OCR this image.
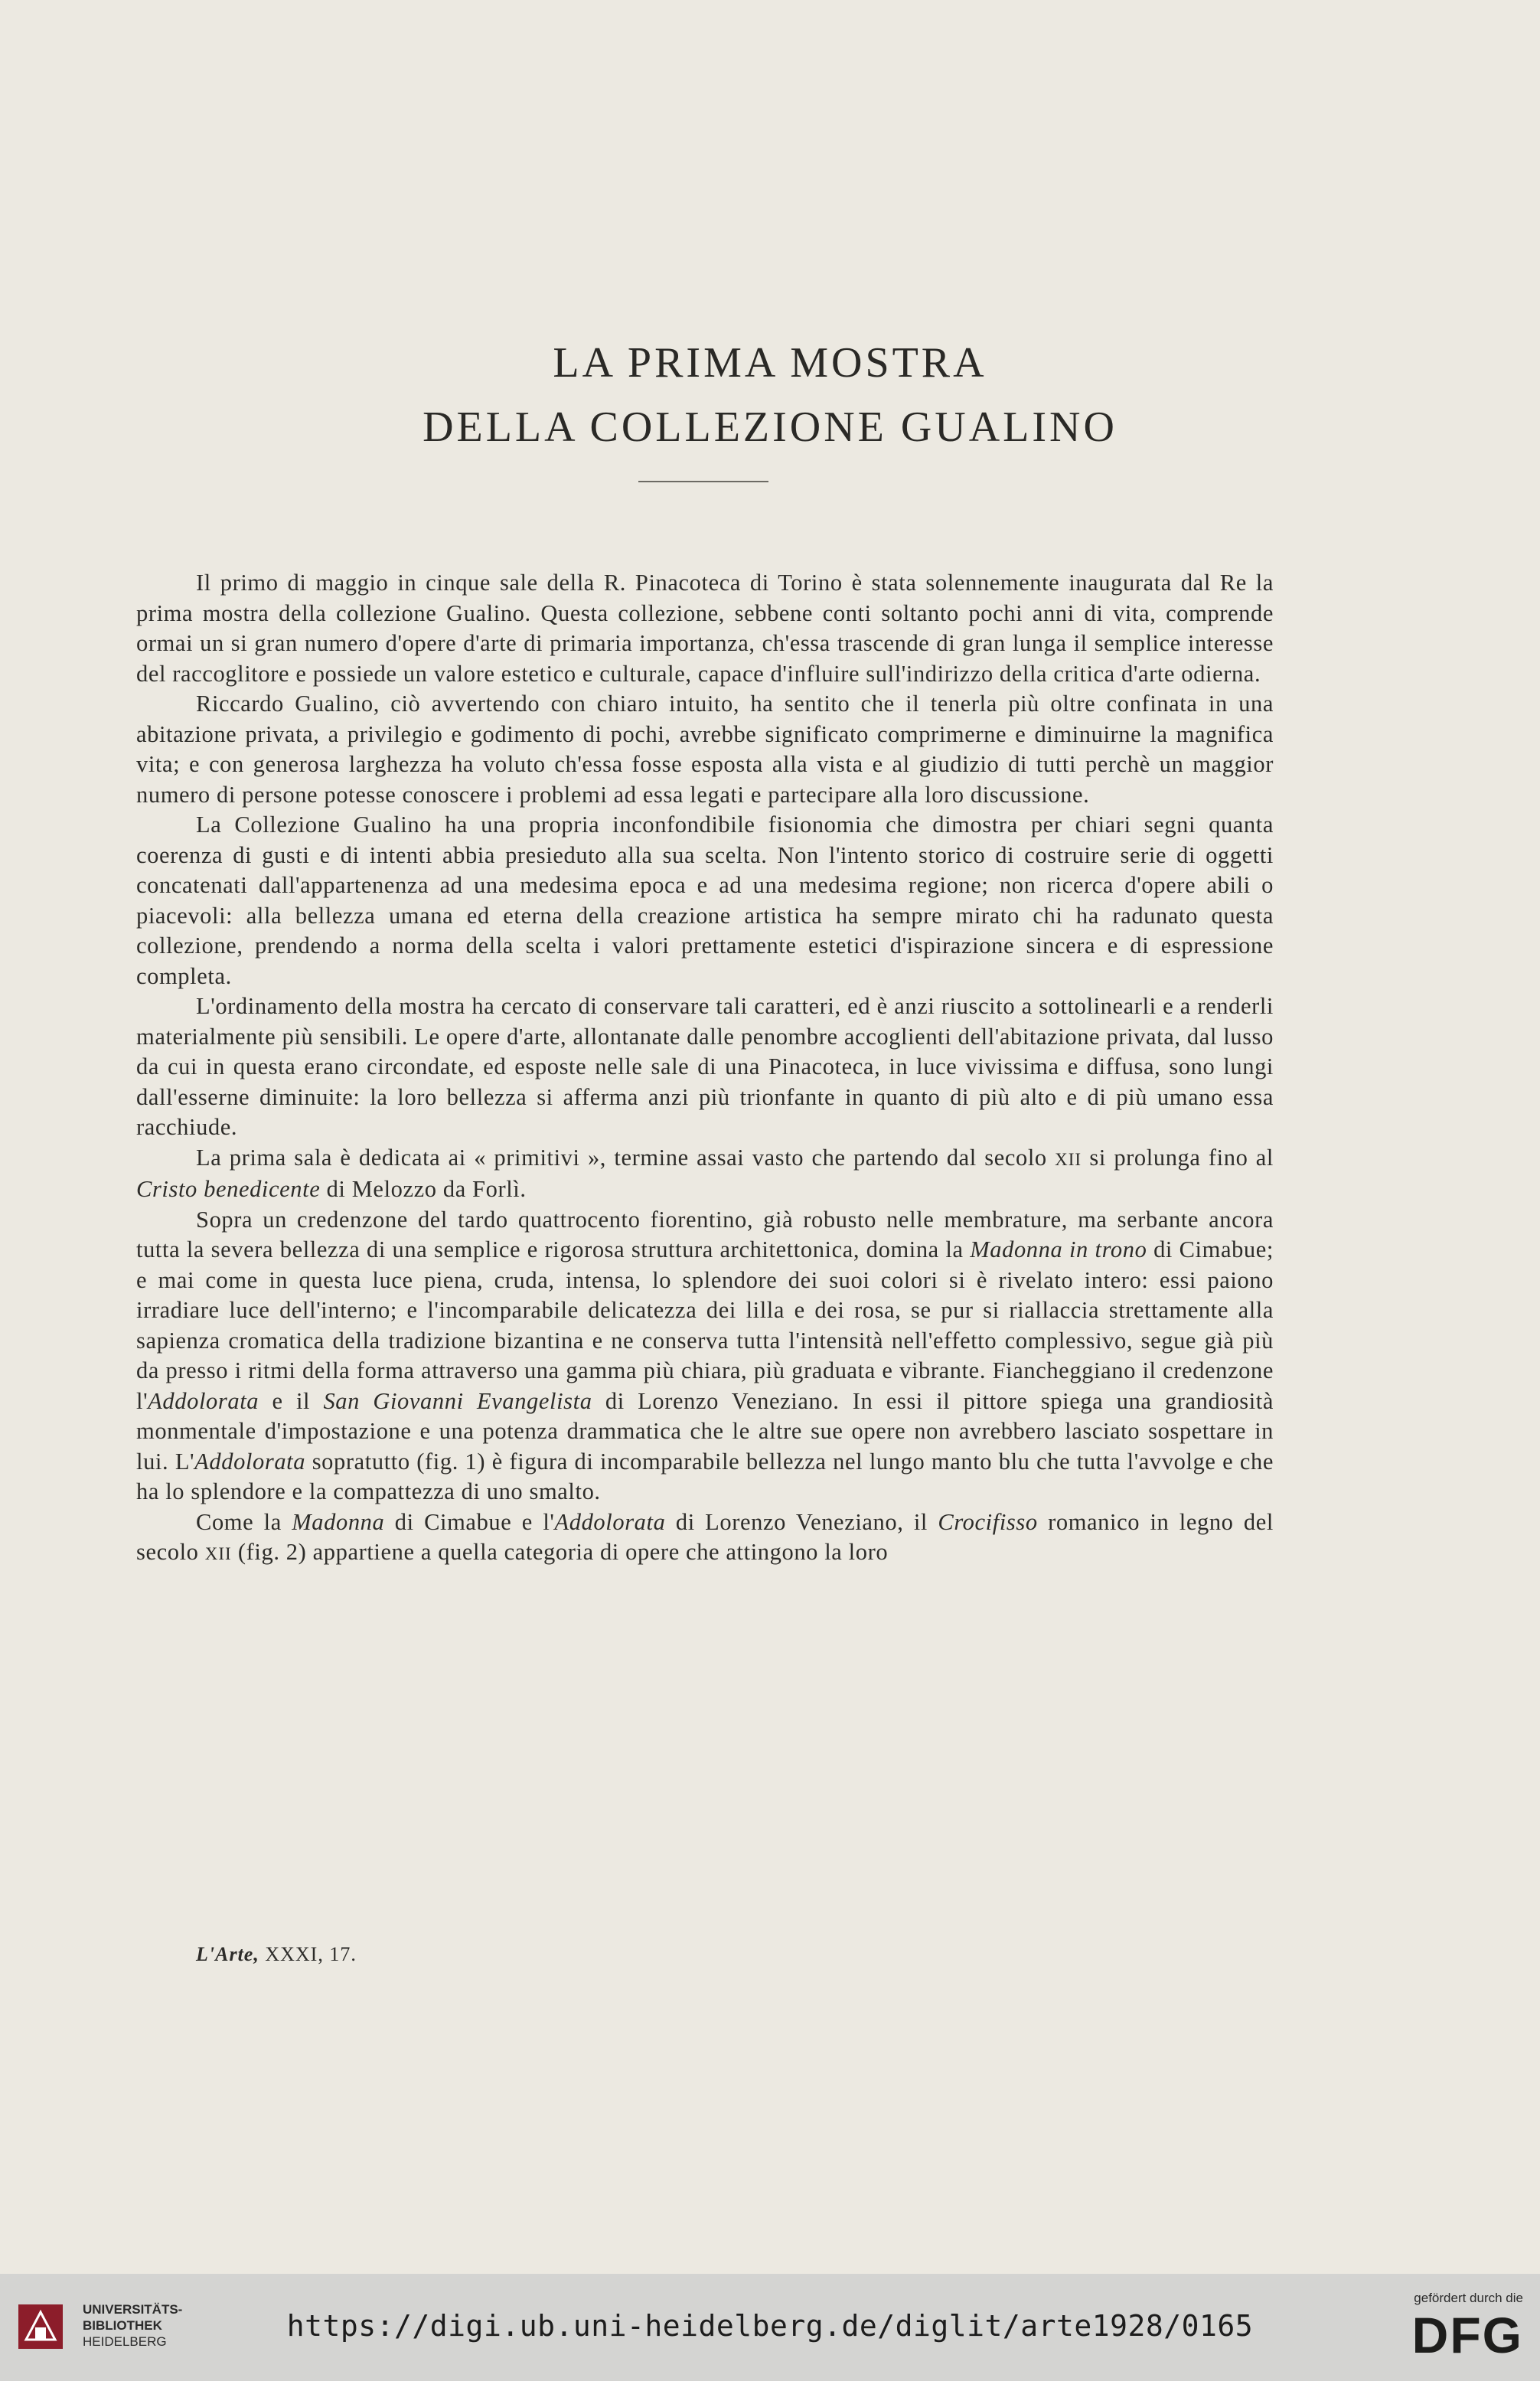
LA PRIMA MOSTRA
DELLA COLLEZIONE GUALINO

Il primo di maggio in cinque sale della R. Pinacoteca di Torino è stata solennemente inaugurata dal Re la prima mostra della collezione Gualino. Questa collezione, sebbene conti soltanto pochi anni di vita, comprende ormai un si gran numero d'opere d'arte di primaria importanza, ch'essa trascende di gran lunga il semplice interesse del raccoglitore e possiede un valore estetico e culturale, capace d'influire sull'indirizzo della critica d'arte odierna.

Riccardo Gualino, ciò avvertendo con chiaro intuito, ha sentito che il tenerla più oltre confinata in una abitazione privata, a privilegio e godimento di pochi, avrebbe significato comprimerne e diminuirne la magnifica vita; e con generosa larghezza ha voluto ch'essa fosse esposta alla vista e al giudizio di tutti perchè un maggior numero di persone potesse conoscere i problemi ad essa legati e partecipare alla loro discussione.

La Collezione Gualino ha una propria inconfondibile fisionomia che dimostra per chiari segni quanta coerenza di gusti e di intenti abbia presieduto alla sua scelta. Non l'intento storico di costruire serie di oggetti concatenati dall'appartenenza ad una medesima epoca e ad una medesima regione; non ricerca d'opere abili o piacevoli: alla bellezza umana ed eterna della creazione artistica ha sempre mirato chi ha radunato questa collezione, prendendo a norma della scelta i valori prettamente estetici d'ispirazione sincera e di espressione completa.

L'ordinamento della mostra ha cercato di conservare tali caratteri, ed è anzi riuscito a sottolinearli e a renderli materialmente più sensibili. Le opere d'arte, allontanate dalle penombre accoglienti dell'abitazione privata, dal lusso da cui in questa erano circondate, ed esposte nelle sale di una Pinacoteca, in luce vivissima e diffusa, sono lungi dall'esserne diminuite: la loro bellezza si afferma anzi più trionfante in quanto di più alto e di più umano essa racchiude.

La prima sala è dedicata ai « primitivi », termine assai vasto che partendo dal secolo XII si prolunga fino al Cristo benedicente di Melozzo da Forlì.

Sopra un credenzone del tardo quattrocento fiorentino, già robusto nelle membrature, ma serbante ancora tutta la severa bellezza di una semplice e rigorosa struttura architettonica, domina la Madonna in trono di Cimabue; e mai come in questa luce piena, cruda, intensa, lo splendore dei suoi colori si è rivelato intero: essi paiono irradiare luce dell'interno; e l'incomparabile delicatezza dei lilla e dei rosa, se pur si riallaccia strettamente alla sapienza cromatica della tradizione bizantina e ne conserva tutta l'intensità nell'effetto complessivo, segue già più da presso i ritmi della forma attraverso una gamma più chiara, più graduata e vibrante. Fiancheggiano il credenzone l'Addolorata e il San Giovanni Evangelista di Lorenzo Veneziano. In essi il pittore spiega una grandiosità monmentale d'impostazione e una potenza drammatica che le altre sue opere non avrebbero lasciato sospettare in lui. L'Addolorata sopratutto (fig. 1) è figura di incomparabile bellezza nel lungo manto blu che tutta l'avvolge e che ha lo splendore e la compattezza di uno smalto.

Come la Madonna di Cimabue e l'Addolorata di Lorenzo Veneziano, il Crocifisso romanico in legno del secolo XII (fig. 2) appartiene a quella categoria di opere che attingono la loro

L'Arte, XXXI, 17.
UNIVERSITÄTS-
BIBLIOTHEK
HEIDELBERG	https://digi.ub.uni-heidelberg.de/diglit/arte1928/0165
gefördert durch die
DFG
